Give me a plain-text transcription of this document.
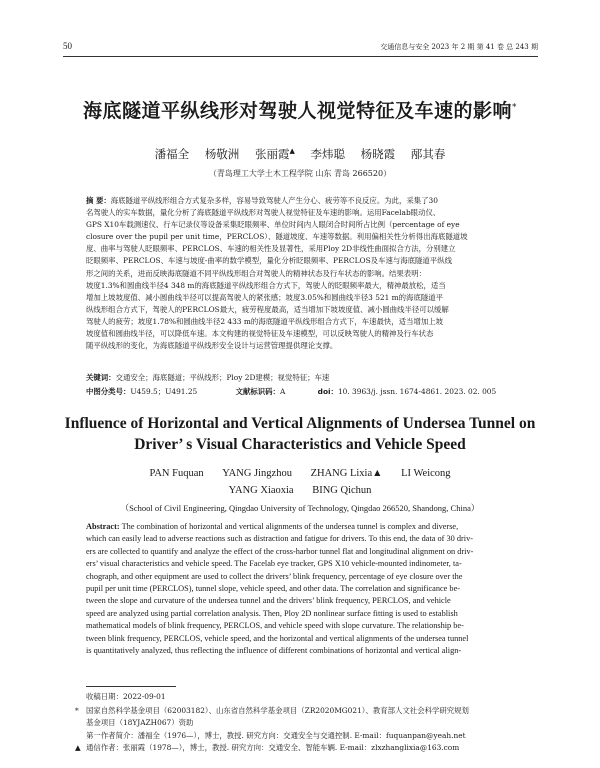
50	交通信息与安全 2023 年 2 期 第 41 卷 总 243 期
海底隧道平纵线形对驾驶人视觉特征及车速的影响*
潘福全 杨敬洲 张丽霞▲ 李炜聪 杨晓霞 邴其春
（青岛理工大学土木工程学院 山东 青岛 266520）
摘 要：海底隧道平纵线形组合方式复杂多样，容易导致驾驶人产生分心、疲劳等不良反应。为此，采集了30
名驾驶人的实车数据，量化分析了海底隧道平纵线形对驾驶人视觉特征及车速的影响。运用Facelab眼动仪、
GPS X10车载测速仪、行车记录仪等设备采集眨眼频率、单位时间内人眼闭合时间所占比例（percentage of eye
closure over the pupil per unit time，PERCLOS）、隧道坡度、车速等数据。利用偏相关性分析得出海底隧道坡
度、曲率与驾驶人眨眼频率、PERCLOS、车速的相关性及显著性，采用Ploy 2D非线性曲面拟合方法，分别建立
眨眼频率、PERCLOS、车速与坡度-曲率的数学模型，量化分析眨眼频率、PERCLOS及车速与海底隧道平纵线
形之间的关系，进而反映海底隧道不同平纵线形组合对驾驶人的精神状态及行车状态的影响。结果表明：
坡度1.3%和圆曲线半径4 348 m的海底隧道平纵线形组合方式下，驾驶人的眨眼频率最大，精神最放松，适当
增加上坡坡度值、减小圆曲线半径可以提高驾驶人的紧张感；坡度3.05%和圆曲线半径3 521 m的海底隧道平
纵线形组合方式下，驾驶人的PERCLOS最大，疲劳程度最高，适当增加下坡坡度值、减小圆曲线半径可以缓解
驾驶人的疲劳；坡度1.78%和圆曲线半径2 433 m的海底隧道平纵线形组合方式下，车速最快，适当增加上坡
坡度值和圆曲线半径，可以降低车速。本文构建的视觉特征及车速模型，可以反映驾驶人的精神及行车状态
随平纵线形的变化，为海底隧道平纵线形安全设计与运营管理提供理论支撑。
关键词：交通安全；海底隧道；平纵线形；Ploy 2D建模；视觉特征；车速
中图分类号：U459.5；U491.25	文献标识码：A	doi：10. 3963/j. jssn. 1674-4861. 2023. 02. 005
Influence of Horizontal and Vertical Alignments of Undersea Tunnel on
Driver’ s Visual Characteristics and Vehicle Speed
PAN Fuquan YANG Jingzhou ZHANG Lixia▲ LI Weicong
YANG Xiaoxia BING Qichun
（School of Civil Engineering, Qingdao University of Technology, Qingdao 266520, Shandong, China）
Abstract: The combination of horizontal and vertical alignments of the undersea tunnel is complex and diverse,
which can easily lead to adverse reactions such as distraction and fatigue for drivers. To this end, the data of 30 driv-
ers are collected to quantify and analyze the effect of the cross-harbor tunnel flat and longitudinal alignment on driv-
ers’ visual characteristics and vehicle speed. The Facelab eye tracker, GPS X10 vehicle-mounted indinometer, ta-
chograph, and other equipment are used to collect the drivers’ blink frequency, percentage of eye closure over the
pupil per unit time (PERCLOS), tunnel slope, vehicle speed, and other data. The correlation and significance be-
tween the slope and curvature of the undersea tunnel and the drivers’ blink frequency, PERCLOS, and vehicle
speed are analyzed using partial correlation analysis. Then, Ploy 2D nonlinear surface fitting is used to establish
mathematical models of blink frequency, PERCLOS, and vehicle speed with slope curvature. The relationship be-
tween blink frequency, PERCLOS, vehicle speed, and the horizontal and vertical alignments of the undersea tunnel
is quantitatively analyzed, thus reflecting the influence of different combinations of horizontal and vertical align-
收稿日期：2022-09-01
* 国家自然科学基金项目（62003182）、山东省自然科学基金项目（ZR2020MG021）、教育部人文社会科学研究规划
基金项目（18YJAZH067）资助
第一作者简介：潘福全（1976—），博士，教授. 研究方向：交通安全与交通控制. E-mail：fuquanpan@yeah.net
▲ 通信作者：张丽霞（1978—），博士，教授. 研究方向：交通安全、智能车辆. E-mail：zlxzhanglixia@163.com
